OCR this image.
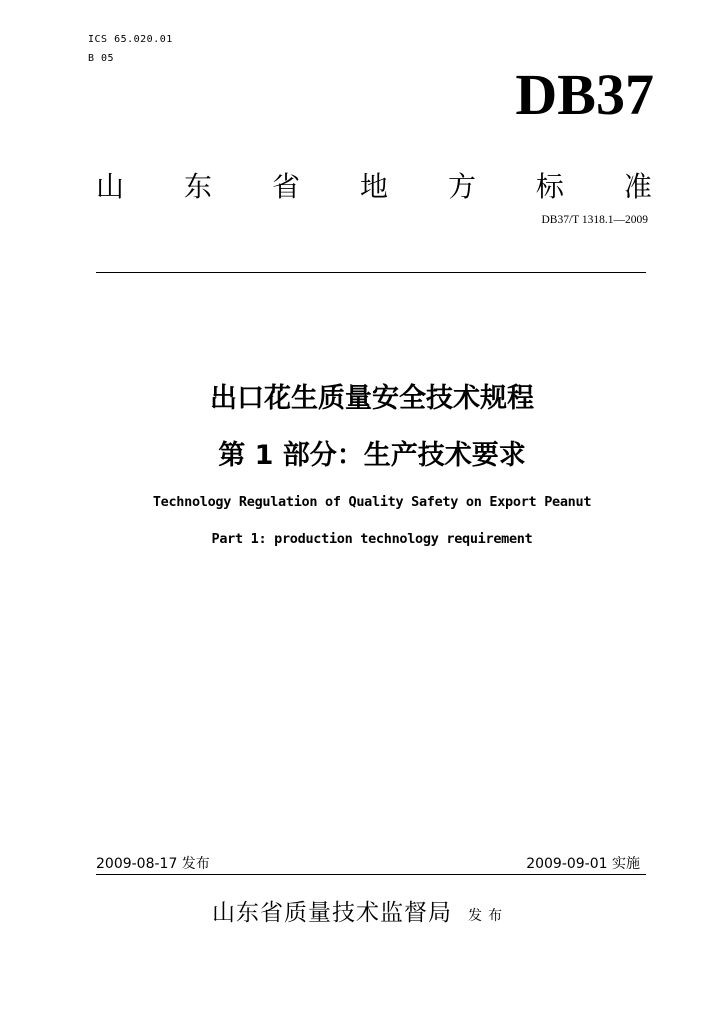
ICS 65.020.01
B 05
DB37
山 东 省 地 方 标 准
DB37/T 1318.1—2009
出口花生质量安全技术规程
第 1 部分：生产技术要求
Technology Regulation of Quality Safety on Export Peanut
Part 1: production technology requirement
2009-08-17 发布	2009-09-01 实施
山东省质量技术监督局 发布
